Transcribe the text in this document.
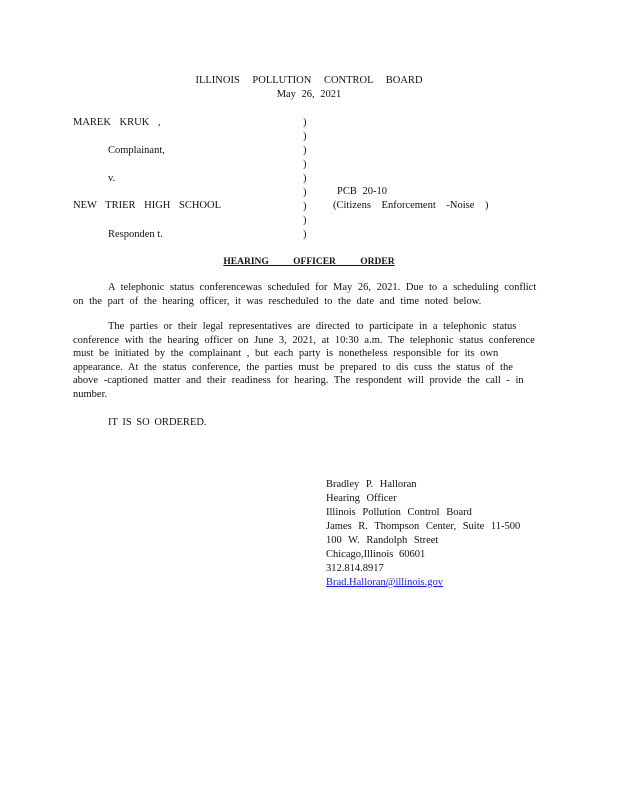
ILLINOIS POLLUTION CONTROL BOARD
May 26, 2021
MAREK KRUK ,
Complainant,
v.
NEW TRIER HIGH SCHOOL
Responden t.
)
)
)
)
)
)
)
)
)
PCB 20-10
(Citizens Enforcement -Noise )
HEARING OFFICER ORDER
A telephonic status conferencewas scheduled for May 26, 2021. Due to a scheduling conflict on the part of the hearing officer, it was rescheduled to the date and time noted below.
The parties or their legal representatives are directed to participate in a telephonic status conference with the hearing officer on June 3, 2021, at 10:30 a.m. The telephonic status conference must be initiated by the complainant , but each party is nonetheless responsible for its own appearance. At the status conference, the parties must be prepared to dis cuss the status of the above -captioned matter and their readiness for hearing. The respondent will provide the call - in number.
IT IS SO ORDERED.
Bradley P. Halloran
Hearing Officer
Illinois Pollution Control Board
James R. Thompson Center, Suite 11-500
100 W. Randolph Street
Chicago,Illinois 60601
312.814.8917
Brad.Halloran@illinois.gov
